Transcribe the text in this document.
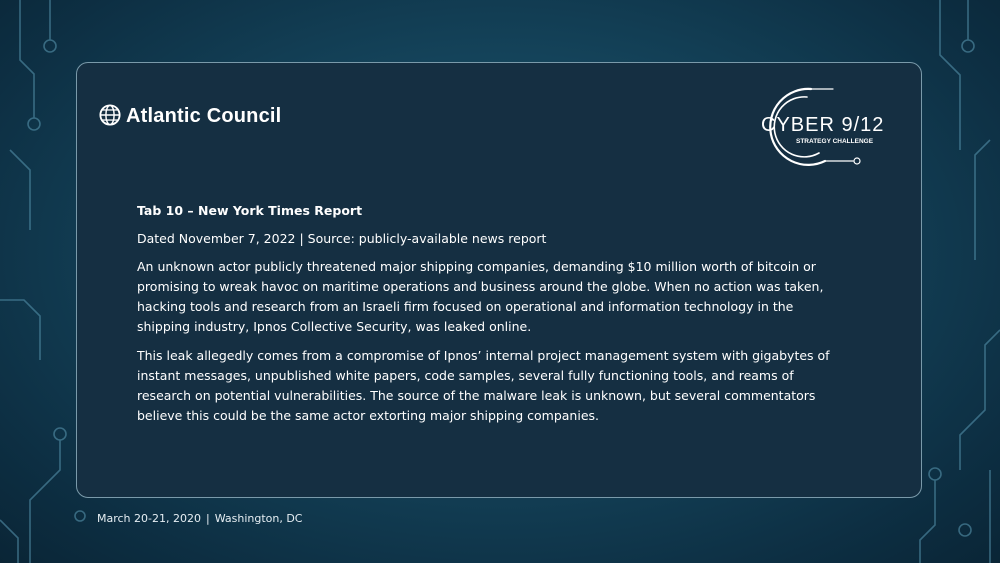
Atlantic Council	CYBER 9/12
STRATEGY CHALLENGE
Tab 10 – New York Times Report
Dated November 7, 2022 | Source: publicly-available news report

An unknown actor publicly threatened major shipping companies, demanding $10 million worth of bitcoin or promising to wreak havoc on maritime operations and business around the globe. When no action was taken, hacking tools and research from an Israeli firm focused on operational and information technology in the shipping industry, Ipnos Collective Security, was leaked online.

This leak allegedly comes from a compromise of Ipnos’ internal project management system with gigabytes of instant messages, unpublished white papers, code samples, several fully functioning tools, and reams of research on potential vulnerabilities. The source of the malware leak is unknown, but several commentators believe this could be the same actor extorting major shipping companies.

March 20-21, 2020 | Washington, DC
